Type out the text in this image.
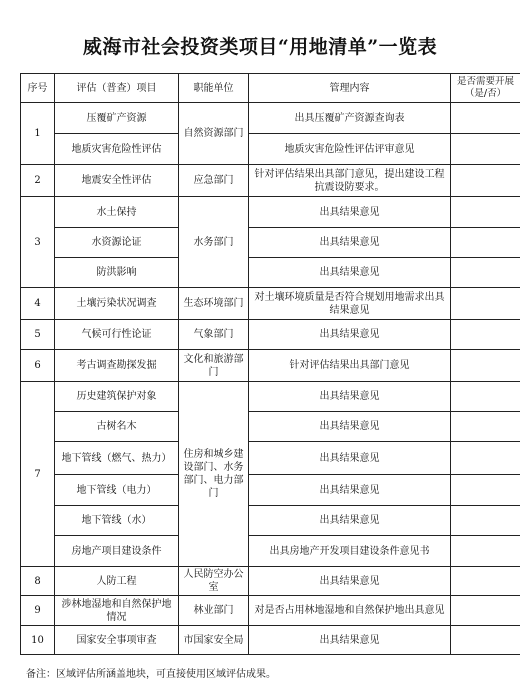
威海市社会投资类项目“用地清单”一览表
序号	评估（普查）项目	职能单位	管理内容	是否需要开展（是/否）
1	压覆矿产资源	自然资源部门	出具压覆矿产资源查询表	
	地质灾害危险性评估		地质灾害危险性评估评审意见	
2	地震安全性评估	应急部门	针对评估结果出具部门意见，提出建设工程抗震设防要求。	
3	水土保持	水务部门	出具结果意见	
	水资源论证		出具结果意见	
	防洪影响		出具结果意见	
4	土壤污染状况调查	生态环境部门	对土壤环境质量是否符合规划用地需求出具结果意见	
5	气候可行性论证	气象部门	出具结果意见	
6	考古调查勘探发掘	文化和旅游部门	针对评估结果出具部门意见	
7	历史建筑保护对象	住房和城乡建设部门、水务部门、电力部门	出具结果意见	
	古树名木		出具结果意见	
	地下管线（燃气、热力）		出具结果意见	
	地下管线（电力）		出具结果意见	
	地下管线（水）		出具结果意见	
	房地产项目建设条件		出具房地产开发项目建设条件意见书	
8	人防工程	人民防空办公室	出具结果意见	
9	涉林地湿地和自然保护地情况	林业部门	对是否占用林地湿地和自然保护地出具意见	
10	国家安全事项审查	市国家安全局	出具结果意见	
备注：区域评估所涵盖地块，可直接使用区域评估成果。
